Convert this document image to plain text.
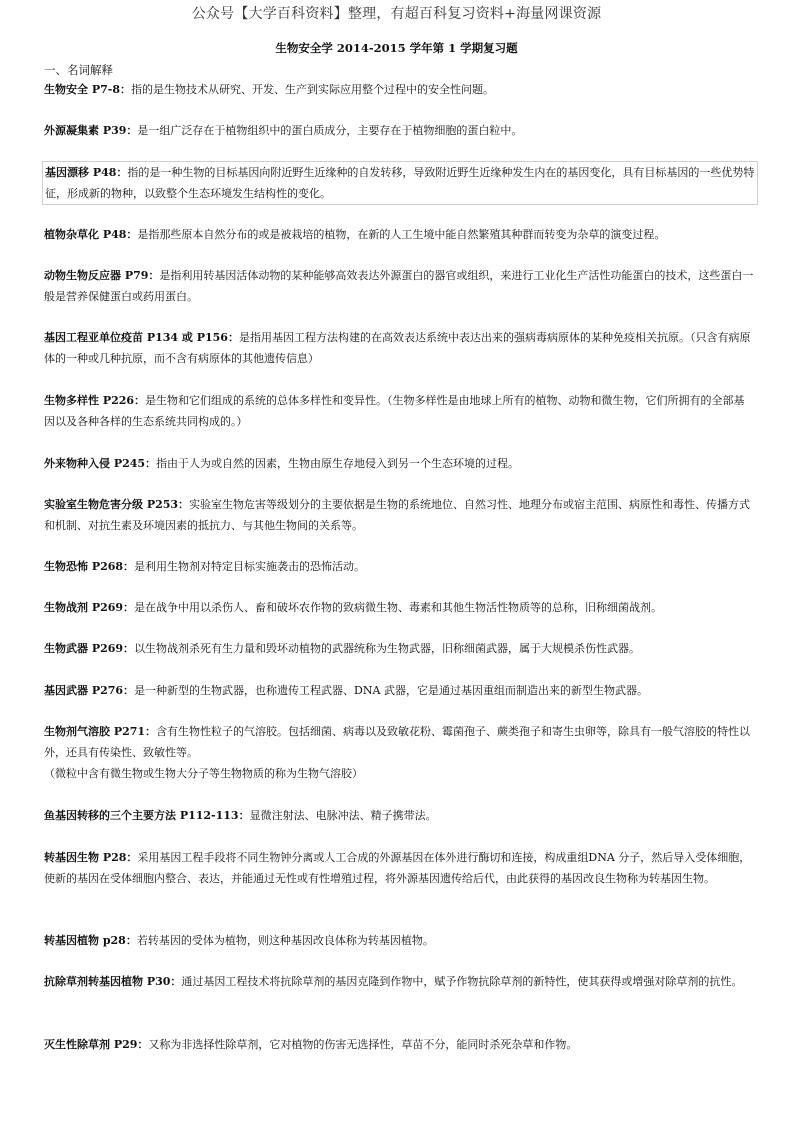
公众号【大学百科资料】整理，有超百科复习资料+海量网课资源
生物安全学 2014-2015 学年第 1 学期复习题
一、名词解释
生物安全 P7-8：指的是生物技术从研究、开发、生产到实际应用整个过程中的安全性问题。
外源凝集素 P39：是一组广泛存在于植物组织中的蛋白质成分，主要存在于植物细胞的蛋白粒中。
基因漂移 P48：指的是一种生物的目标基因向附近野生近缘种的自发转移，导致附近野生近缘种发生内在的基因变化，具有目标基因的一些优势特征，形成新的物种，以致整个生态环境发生结构性的变化。
植物杂草化 P48：是指那些原本自然分布的或是被栽培的植物，在新的人工生境中能自然繁殖其种群而转变为杂草的演变过程。
动物生物反应器 P79：是指利用转基因活体动物的某种能够高效表达外源蛋白的器官或组织，来进行工业化生产活性功能蛋白的技术，这些蛋白一般是营养保健蛋白或药用蛋白。
基因工程亚单位疫苗 P134 或 P156：是指用基因工程方法构建的在高效表达系统中表达出来的强病毒病原体的某种免疫相关抗原。（只含有病原体的一种或几种抗原，而不含有病原体的其他遗传信息）
生物多样性 P226：是生物和它们组成的系统的总体多样性和变异性。（生物多样性是由地球上所有的植物、动物和微生物，它们所拥有的全部基因以及各种各样的生态系统共同构成的。）
外来物种入侵 P245：指由于人为或自然的因素，生物由原生存地侵入到另一个生态环境的过程。
实验室生物危害分级 P253：实验室生物危害等级划分的主要依据是生物的系统地位、自然习性、地理分布或宿主范围、病原性和毒性、传播方式和机制、对抗生素及环境因素的抵抗力、与其他生物间的关系等。
生物恐怖 P268：是利用生物剂对特定目标实施袭击的恐怖活动。
生物战剂 P269：是在战争中用以杀伤人、畜和破坏农作物的致病微生物、毒素和其他生物活性物质等的总称，旧称细菌战剂。
生物武器 P269：以生物战剂杀死有生力量和毁坏动植物的武器统称为生物武器，旧称细菌武器，属于大规模杀伤性武器。
基因武器 P276：是一种新型的生物武器，也称遗传工程武器、DNA 武器，它是通过基因重组而制造出来的新型生物武器。
生物剂气溶胶 P271：含有生物性粒子的气溶胶。包括细菌、病毒以及致敏花粉、霉菌孢子、蕨类孢子和寄生虫卵等，除具有一般气溶胶的特性以外，还具有传染性、致敏性等。
（微粒中含有微生物或生物大分子等生物物质的称为生物气溶胶）
鱼基因转移的三个主要方法 P112-113：显微注射法、电脉冲法、精子携带法。
转基因生物 P28：采用基因工程手段将不同生物钟分离或人工合成的外源基因在体外进行酶切和连接，构成重组DNA 分子，然后导入受体细胞，使新的基因在受体细胞内整合、表达，并能通过无性或有性增殖过程，将外源基因遗传给后代，由此获得的基因改良生物称为转基因生物。
转基因植物 p28：若转基因的受体为植物，则这种基因改良体称为转基因植物。
抗除草剂转基因植物 P30：通过基因工程技术将抗除草剂的基因克隆到作物中，赋予作物抗除草剂的新特性，使其获得或增强对除草剂的抗性。
灭生性除草剂 P29：又称为非选择性除草剂，它对植物的伤害无选择性，草苗不分，能同时杀死杂草和作物。
